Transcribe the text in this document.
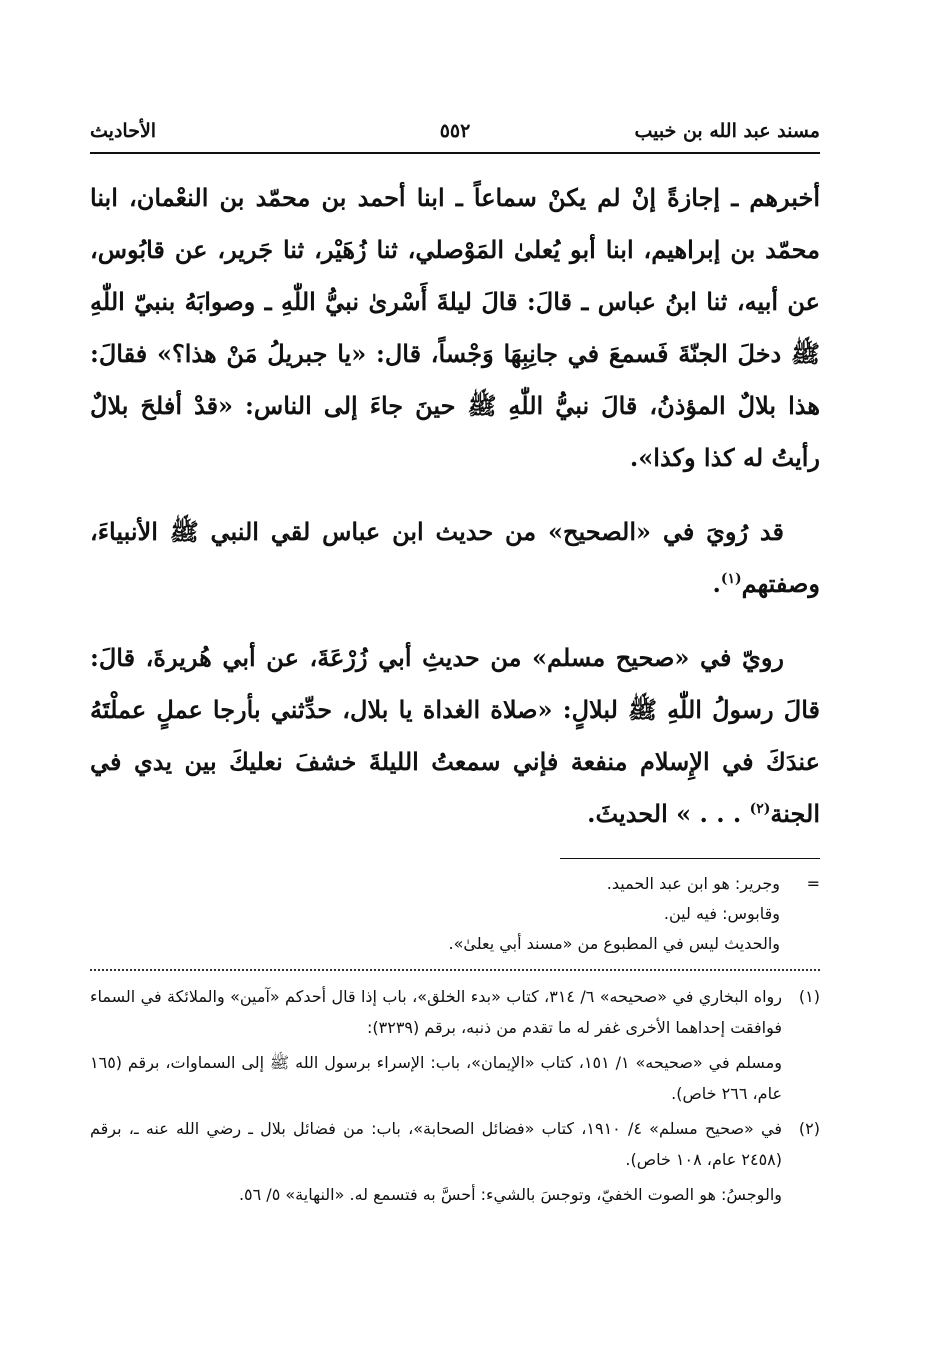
مسند عبد الله بن خبيب
٥٥٢
الأحاديث

أخبرهم ـ إجازةً إنْ لم يكنْ سماعاً ـ ابنا أحمد بن محمّد بن النعْمان، ابنا محمّد بن إبراهيم، ابنا أبو يُعلىٰ المَوْصلي، ثنا زُهَيْر، ثنا جَرير، عن قابُوس، عن أبيه، ثنا ابنُ عباس ـ قالَ: قالَ ليلةَ أَسْرىٰ نبيُّ اللّٰهِ ـ وصوابَهُ بنبيّ اللّٰهِ ﷺ دخلَ الجنّةَ فَسمعَ في جانِبِهَا وَجْساً، قال: «يا جبريلُ مَنْ هذا؟» فقالَ: هذا بلالٌ المؤذنُ، قالَ نبيُّ اللّٰهِ ﷺ حينَ جاءَ إلى الناس: «قدْ أفلحَ بلالٌ رأيتُ له كذا وكذا».

قد رُويَ في «الصحيح» من حديث ابن عباس لقي النبي ﷺ الأنبياءَ، وصفتهم$^{(١)}$.

رويّ في «صحيح مسلم» من حديثِ أبي زُرْعَةَ، عن أبي هُريرةَ، قالَ: قالَ رسولُ اللّٰهِ ﷺ لبلالٍ: «صلاة الغداة يا بلال، حدِّثني بأرجا عملٍ عملْتَهُ عندَكَ في الإِسلام منفعة فإني سمعتُ الليلةَ خشفَ نعليكَ بين يدي في الجنة$^{(٢)}$ . . . » الحديثَ.

=

وجرير: هو ابن عبد الحميد.

وقابوس: فيه لين.

والحديث ليس في المطبوع من «مسند أبي يعلىٰ».

(١)
رواه البخاري في «صحيحه» ٦/ ٣١٤، كتاب «بدء الخلق»، باب إذا قال أحدكم «آمين» والملائكة في السماء فوافقت إحداهما الأخرى غفر له ما تقدم من ذنبه، برقم (٣٢٣٩):

ومسلم في «صحيحه» ١/ ١٥١، كتاب «الإيمان»، باب: الإسراء برسول الله ﷺ إلى السماوات، برقم (١٦٥ عام، ٢٦٦ خاص).

(٢)
في «صحيح مسلم» ٤/ ١٩١٠، كتاب «فضائل الصحابة»، باب: من فضائل بلال ـ رضي الله عنه ـ، برقم (٢٤٥٨ عام، ١٠٨ خاص).

والوجسُ: هو الصوت الخفيّ، وتوجسَ بالشيء: أحسَّ به فتسمع له. «النهاية» ٥/ ٥٦.
